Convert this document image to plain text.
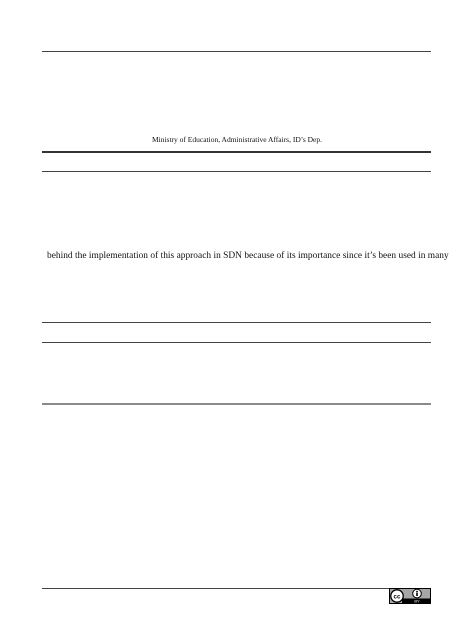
Ministry of Education, Administrative Affairs, ID’s Dep.
behind the implementation of this approach in SDN because of its importance since it’s been used in many
cc
BY
